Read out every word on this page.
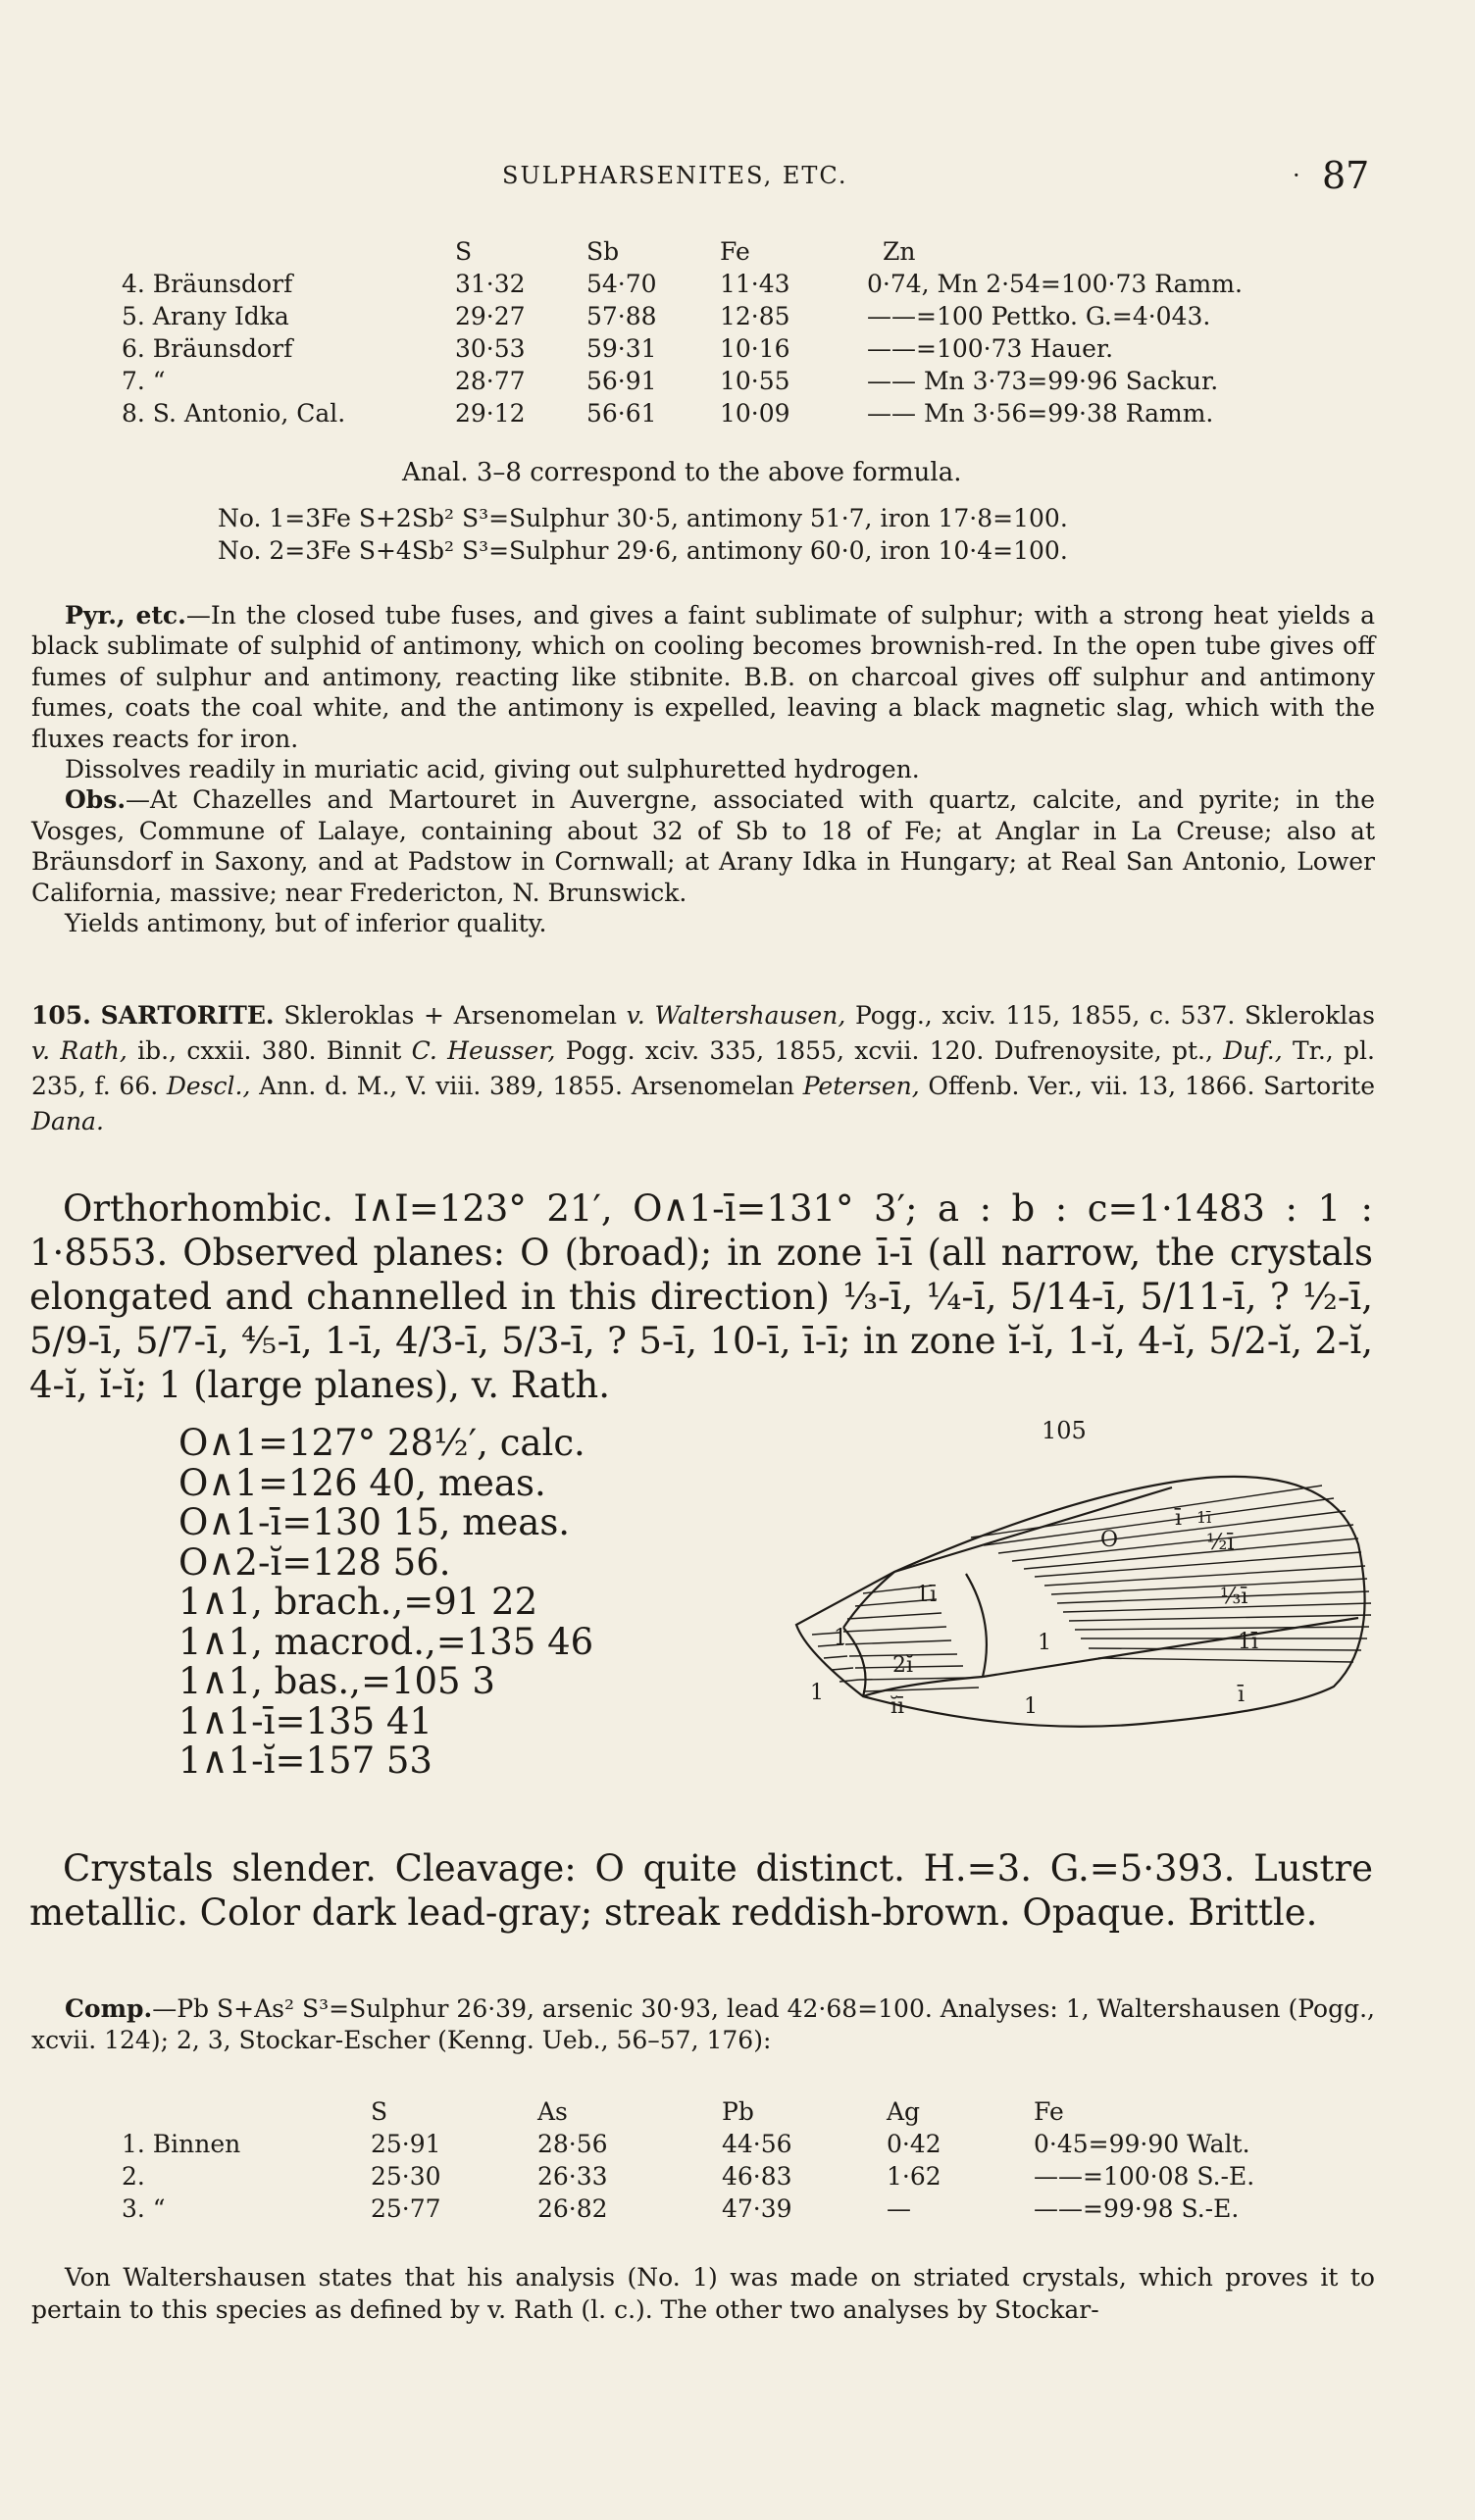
SULPHARSENITES, ETC.	· 87
	S	Sb	Fe	Zn
4. Bräunsdorf	31·32	54·70	11·43	0·74, Mn 2·54=100·73 Ramm.
5. Arany Idka	29·27	57·88	12·85	——=100 Pettko. G.=4·043.
6. Bräunsdorf	30·53	59·31	10·16	——=100·73 Hauer.
7. “	28·77	56·91	10·55	—— Mn 3·73=99·96 Sackur.
8. S. Antonio, Cal.	29·12	56·61	10·09	—— Mn 3·56=99·38 Ramm.
Anal. 3–8 correspond to the above formula.
No. 1=3Fe S+2Sb² S³=Sulphur 30·5, antimony 51·7, iron 17·8=100.
No. 2=3Fe S+4Sb² S³=Sulphur 29·6, antimony 60·0, iron 10·4=100.

Pyr., etc.—In the closed tube fuses, and gives a faint sublimate of sulphur; with a strong heat yields a black sublimate of sulphid of antimony, which on cooling becomes brownish-red. In the open tube gives off fumes of sulphur and antimony, reacting like stibnite. B.B. on charcoal gives off sulphur and antimony fumes, coats the coal white, and the antimony is expelled, leaving a black magnetic slag, which with the fluxes reacts for iron.

Dissolves readily in muriatic acid, giving out sulphuretted hydrogen.

Obs.—At Chazelles and Martouret in Auvergne, associated with quartz, calcite, and pyrite; in the Vosges, Commune of Lalaye, containing about 32 of Sb to 18 of Fe; at Anglar in La Creuse; also at Bräunsdorf in Saxony, and at Padstow in Cornwall; at Arany Idka in Hungary; at Real San Antonio, Lower California, massive; near Fredericton, N. Brunswick.

Yields antimony, but of inferior quality.

105. SARTORITE. Skleroklas + Arsenomelan v. Waltershausen, Pogg., xciv. 115, 1855, c. 537. Skleroklas v. Rath, ib., cxxii. 380. Binnit C. Heusser, Pogg. xciv. 335, 1855, xcvii. 120. Dufrenoysite, pt., Duf., Tr., pl. 235, f. 66. Descl., Ann. d. M., V. viii. 389, 1855. Arsenomelan Petersen, Offenb. Ver., vii. 13, 1866. Sartorite Dana.

Orthorhombic. I∧I=123° 21′, O∧1-ī=131° 3′; a : b : c=1·1483 : 1 : 1·8553. Observed planes: O (broad); in zone ī-ī (all narrow, the crystals elongated and channelled in this direction) ⅓-ī, ¼-ī, 5/14-ī, 5/11-ī, ? ½-ī, 5/9-ī, 5/7-ī, ⅘-ī, 1-ī, 4/3-ī, 5/3-ī, ? 5-ī, 10-ī, ī-ī; in zone ĭ-ĭ, 1-ĭ, 4-ĭ, 5/2-ĭ, 2-ĭ, 4-ĭ, ĭ-ĭ; 1 (large planes), v. Rath.

O∧1=127° 28½′, calc.
O∧1=126 40, meas.
O∧1-ī=130 15, meas.
O∧2-ĭ=128 56.
1∧1, brach.,=91 22
1∧1, macrod.,=135 46
1∧1, bas.,=105 3
1∧1-ī=135 41
1∧1-ĭ=157 53
105
O
1	1
1
1
1ī
2ĭ
ĭī
ī
½ī
⅓ī
1ī
ī
1ī

Crystals slender. Cleavage: O quite distinct. H.=3. G.=5·393. Lustre metallic. Color dark lead-gray; streak reddish-brown. Opaque. Brittle.

Comp.—Pb S+As² S³=Sulphur 26·39, arsenic 30·93, lead 42·68=100. Analyses: 1, Waltershausen (Pogg., xcvii. 124); 2, 3, Stockar-Escher (Kenng. Ueb., 56–57, 176):

	S	As	Pb	Ag	Fe
1. Binnen	25·91	28·56	44·56	0·42	0·45=99·90 Walt.
2.	25·30	26·33	46·83	1·62	——=100·08 S.-E.
3. “	25·77	26·82	47·39	—	——=99·98 S.-E.

Von Waltershausen states that his analysis (No. 1) was made on striated crystals, which proves it to pertain to this species as defined by v. Rath (l. c.). The other two analyses by Stockar-
